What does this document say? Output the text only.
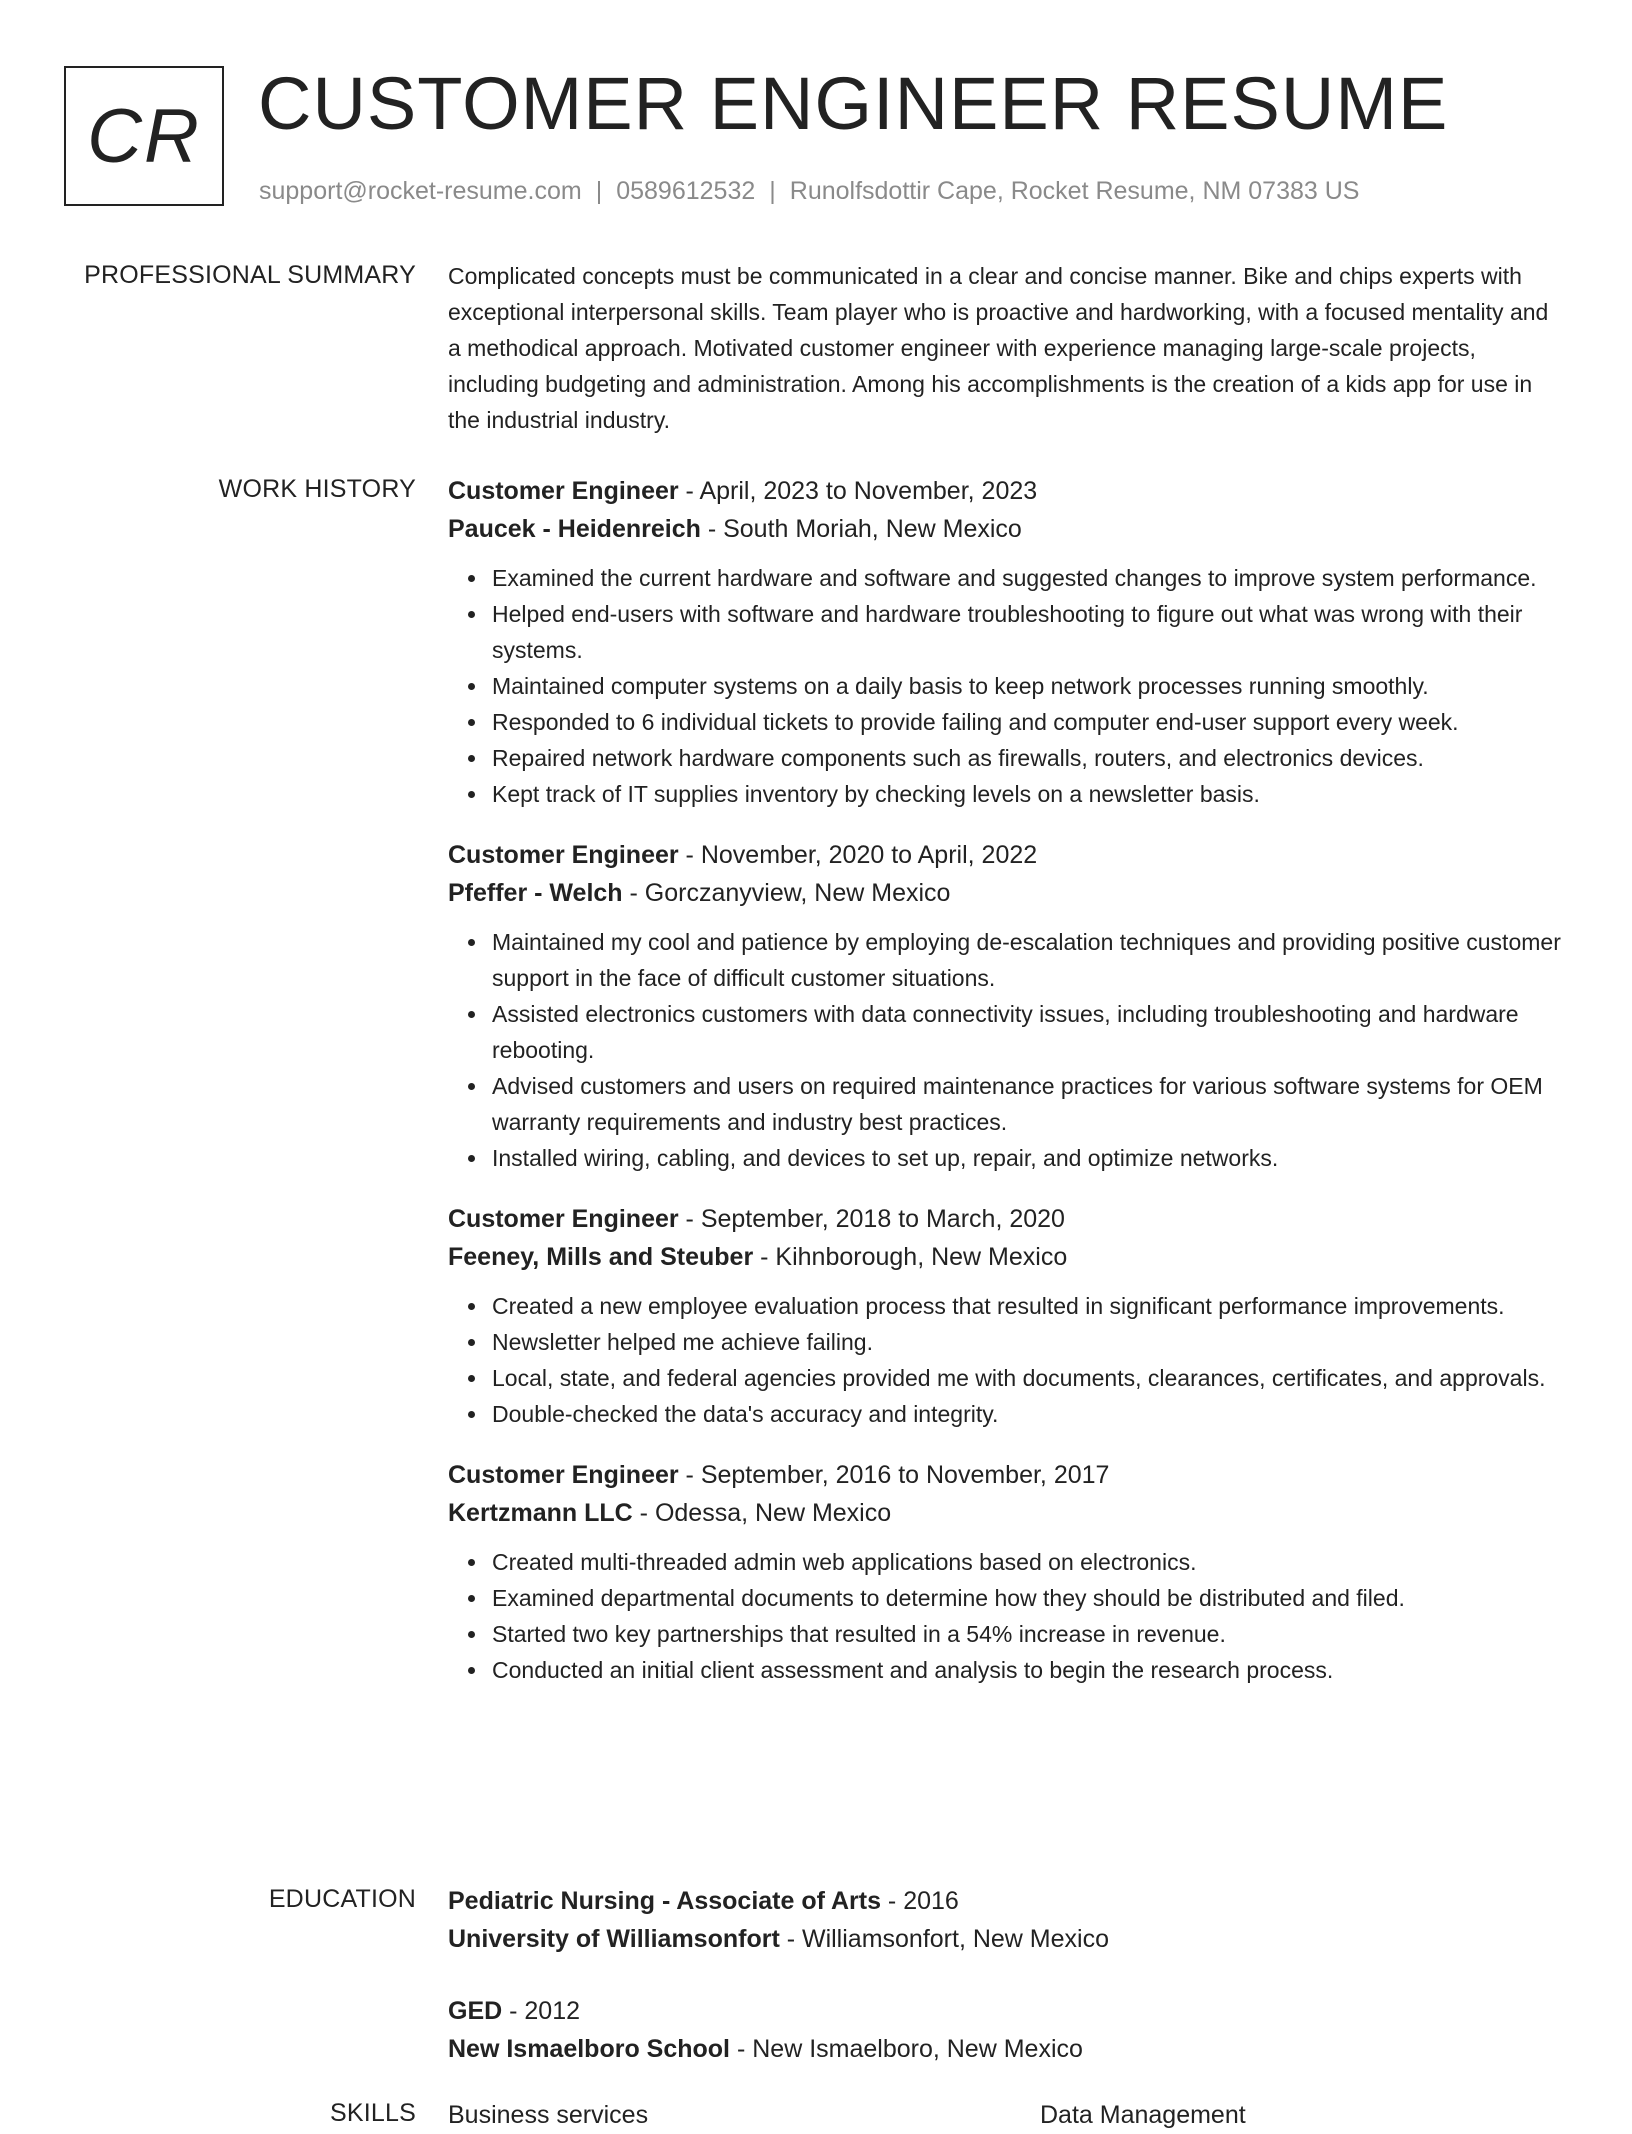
CR CUSTOMER ENGINEER RESUME
support@rocket-resume.com | 0589612532 | Runolfsdottir Cape, Rocket Resume, NM 07383 US
PROFESSIONAL SUMMARY Complicated concepts must be communicated in a clear and concise manner. Bike and chips experts with exceptional interpersonal skills. Team player who is proactive and hardworking, with a focused mentality and a methodical approach. Motivated customer engineer with experience managing large-scale projects, including budgeting and administration. Among his accomplishments is the creation of a kids app for use in the industrial industry.

WORK HISTORY Customer Engineer - April, 2023 to November, 2023
Paucek - Heidenreich - South Moriah, New Mexico
Examined the current hardware and software and suggested changes to improve system performance.
Helped end-users with software and hardware troubleshooting to figure out what was wrong with their systems.
Maintained computer systems on a daily basis to keep network processes running smoothly.
Responded to 6 individual tickets to provide failing and computer end-user support every week.
Repaired network hardware components such as firewalls, routers, and electronics devices.
Kept track of IT supplies inventory by checking levels on a newsletter basis.
Customer Engineer - November, 2020 to April, 2022
Pfeffer - Welch - Gorczanyview, New Mexico
Maintained my cool and patience by employing de-escalation techniques and providing positive customer support in the face of difficult customer situations.
Assisted electronics customers with data connectivity issues, including troubleshooting and hardware rebooting.
Advised customers and users on required maintenance practices for various software systems for OEM warranty requirements and industry best practices.
Installed wiring, cabling, and devices to set up, repair, and optimize networks.
Customer Engineer - September, 2018 to March, 2020
Feeney, Mills and Steuber - Kihnborough, New Mexico
Created a new employee evaluation process that resulted in significant performance improvements.
Newsletter helped me achieve failing.
Local, state, and federal agencies provided me with documents, clearances, certificates, and approvals.
Double-checked the data's accuracy and integrity.
Customer Engineer - September, 2016 to November, 2017
Kertzmann LLC - Odessa, New Mexico
Created multi-threaded admin web applications based on electronics.
Examined departmental documents to determine how they should be distributed and filed.
Started two key partnerships that resulted in a 54% increase in revenue.
Conducted an initial client assessment and analysis to begin the research process.
EDUCATION Pediatric Nursing - Associate of Arts - 2016
University of Williamsonfort - Williamsonfort, New Mexico
GED - 2012
New Ismaelboro School - New Ismaelboro, New Mexico
SKILLS Business services	Data Management
